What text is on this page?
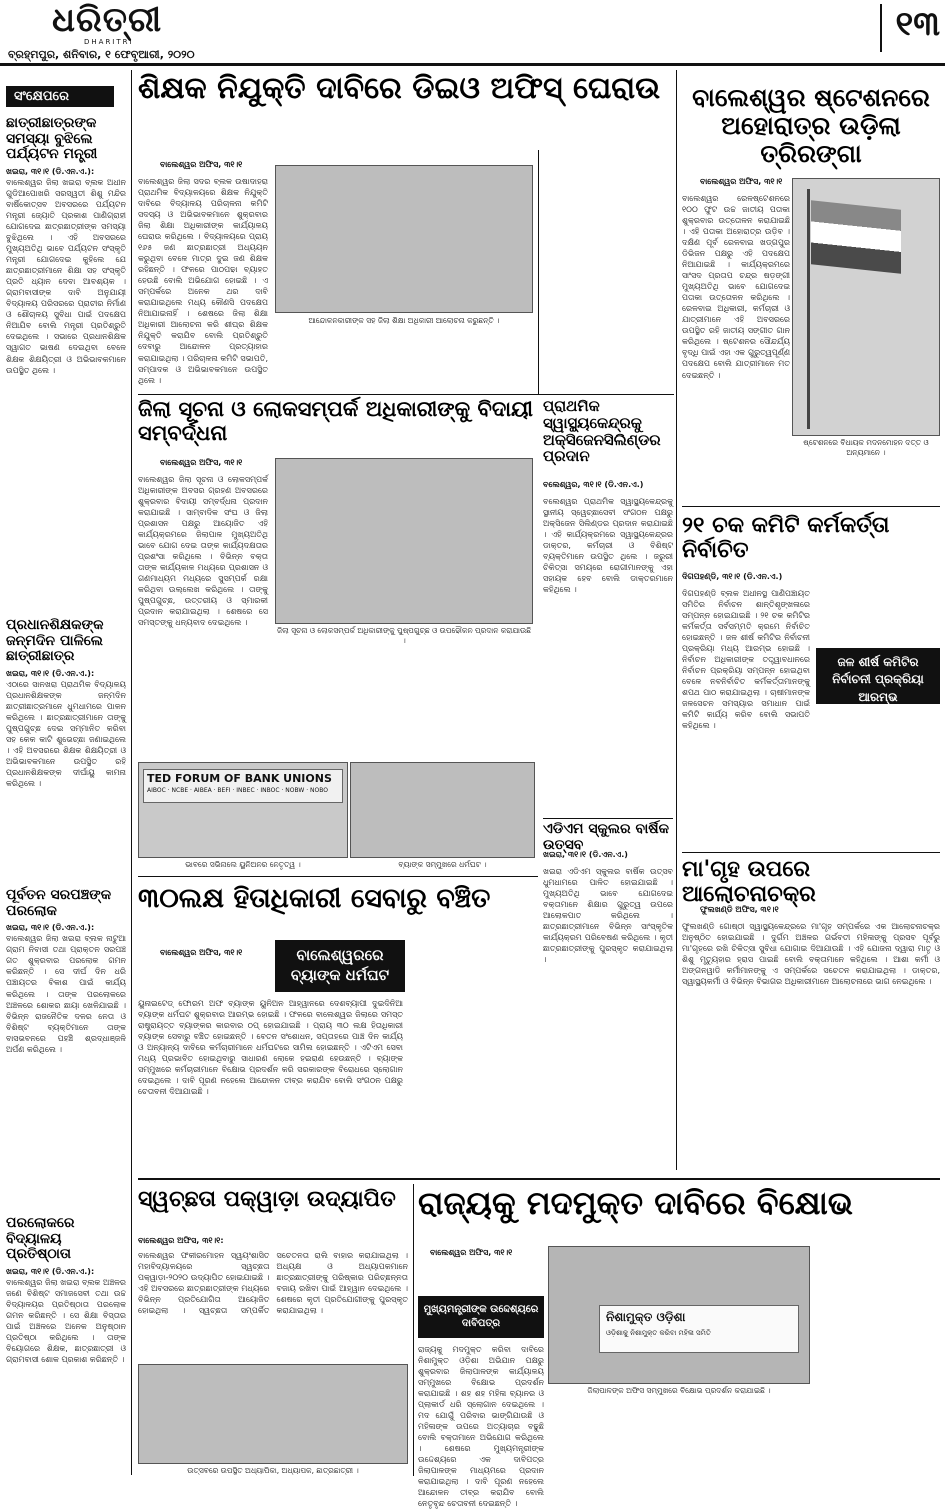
ଧରିତ୍ରୀ
DHARITRI
ବ୍ରହ୍ମପୁର, ଶନିବାର, ୧ ଫେବୃଆରୀ, ୨୦୨୦
୧୩
ସଂକ୍ଷେପରେ
ଛାତ୍ରୀଛାତ୍ରଙ୍କ ସମସ୍ୟା ବୁଝିଲେ ପର୍ଯ୍ୟଟନ ମନ୍ତ୍ରୀ
ଖଇରା, ୩୧।୧ (ଡି.ଏନ.ଏ.):
ବାଲେଶ୍ୱର ଜିଲା ଖଇରା ବ୍ଲକ ଅଧୀନ ଗୁଡିଆପୋଖରି ସରସ୍ୱତୀ ଶିଶୁ ମନ୍ଦିର ବାର୍ଷିକୋତ୍ସବ ଅବସରରେ ପର୍ଯ୍ୟଟନ ମନ୍ତ୍ରୀ ଜ୍ୟୋତି ପ୍ରକାଶ ପାଣିଗ୍ରାହୀ ଯୋଗଦେଇ ଛାତ୍ରଛାତ୍ରୀଙ୍କ ସମସ୍ୟା ବୁଝିଥିଲେ । ଏହି ଅବସରରେ ମୁଖ୍ୟଅତିଥି ଭାବେ ପର୍ଯ୍ୟଟନ ସଂସ୍କୃତି ମନ୍ତ୍ରୀ ଯୋଗଦେଇ କୁହିଲେ ଯେ ଛାତ୍ରଛାତ୍ରୀମାନେ ଶିକ୍ଷା ସହ ସଂସ୍କୃତି ପ୍ରତି ଧ୍ୟାନ ଦେବା ଆବଶ୍ୟକ । ଗ୍ରାମବାସୀଙ୍କ ଦାବି ଅନୁଯାୟୀ ବିଦ୍ୟାଳୟ ପରିସରରେ ପ୍ରାଚୀର ନିର୍ମାଣ ଓ ଶୌଚାଳୟ ସୁବିଧା ପାଇଁ ପଦକ୍ଷେପ ନିଆଯିବ ବୋଲି ମନ୍ତ୍ରୀ ପ୍ରତିଶ୍ରୁତି ଦେଇଥିଲେ । ସଭାରେ ପ୍ରଧାନଶିକ୍ଷକ ସ୍ୱାଗତ ଭାଷଣ ଦେଇଥିବା ବେଳେ ଶିକ୍ଷକ ଶିକ୍ଷୟିତ୍ରୀ ଓ ଅଭିଭାବକମାନେ ଉପସ୍ଥିତ ଥିଲେ ।
ପ୍ରଧାନଶିକ୍ଷକଙ୍କ ଜନ୍ମଦିନ ପାଳିଲେ ଛାତ୍ରୀଛାତ୍ର
ଖଇରା, ୩୧।୧ (ଡି.ଏନ.ଏ.):
ଏଠାରେ ସାନଖରା ପ୍ରାଥମିକ ବିଦ୍ୟାଳୟ ପ୍ରଧାନଶିକ୍ଷକଙ୍କ ଜନ୍ମଦିନ ଛାତ୍ରୀଛାତ୍ରମାନେ ଧୁମଧାମରେ ପାଳନ କରିଥିଲେ । ଛାତ୍ରଛାତ୍ରୀମାନେ ତାଙ୍କୁ ପୁଷ୍ପଗୁଚ୍ଛ ଦେଇ ସମ୍ମାନିତ କରିବା ସହ କେକ କାଟି ଶୁଭେଚ୍ଛା ଜଣାଇଥିଲେ । ଏହି ଅବସରରେ ଶିକ୍ଷକ ଶିକ୍ଷୟିତ୍ରୀ ଓ ଅଭିଭାବକମାନେ ଉପସ୍ଥିତ ରହି ପ୍ରଧାନଶିକ୍ଷକଙ୍କ ଦୀର୍ଘାୟୁ କାମନା କରିଥିଲେ ।
ପୂର୍ବତନ ସରପଞ୍ଚଙ୍କ ପରଲୋକ
ଖଇରା, ୩୧।୧ (ଡି.ଏନ.ଏ.):
ବାଲେଶ୍ୱର ଜିଲା ଖଇରା ବ୍ଲକ ନାଟୁଆ ଗ୍ରାମ ନିବାସୀ ତଥା ପ୍ରାକ୍ତନ ସରପଞ୍ଚ ଗତ ଶୁକ୍ରବାର ପରଲୋକ ଗମନ କରିଛନ୍ତି । ସେ ଦୀର୍ଘ ଦିନ ଧରି ପଞ୍ଚାୟତର ବିକାଶ ପାଇଁ କାର୍ଯ୍ୟ କରିଥିଲେ । ତାଙ୍କ ପରଲୋକରେ ଅଞ୍ଚଳରେ ଶୋକର ଛାୟା ଖେଳିଯାଇଛି । ବିଭିନ୍ନ ରାଜନୈତିକ ଦଳର ନେତା ଓ ବିଶିଷ୍ଟ ବ୍ୟକ୍ତିମାନେ ତାଙ୍କ ବାସଭବନରେ ପହଞ୍ଚି ଶ୍ରଦ୍ଧାଞ୍ଜଳି ଅର୍ପଣ କରିଥିଲେ ।
ପରଲୋକରେ ବିଦ୍ୟାଳୟ ପ୍ରତିଷ୍ଠାତା
ଖଇରା, ୩୧।୧ (ଡି.ଏନ.ଏ.):
ବାଲେଶ୍ୱର ଜିଲା ଖଇରା ବ୍ଲକ ଅଞ୍ଚଳର ଜଣେ ବିଶିଷ୍ଟ ସମାଜସେବୀ ତଥା ଉଚ୍ଚ ବିଦ୍ୟାଳୟର ପ୍ରତିଷ୍ଠାତା ପରଲୋକ ଗମନ କରିଛନ୍ତି । ସେ ଶିକ୍ଷା ବିସ୍ତାର ପାଇଁ ଅଞ୍ଚଳରେ ଅନେକ ଅନୁଷ୍ଠାନ ପ୍ରତିଷ୍ଠା କରିଥିଲେ । ତାଙ୍କ ବିୟୋଗରେ ଶିକ୍ଷକ, ଛାତ୍ରଛାତ୍ରୀ ଓ ଗ୍ରାମବାସୀ ଶୋକ ପ୍ରକାଶ କରିଛନ୍ତି ।
ଶିକ୍ଷକ ନିଯୁକ୍ତି ଦାବିରେ ଡିଇଓ ଅଫିସ୍ ଘେରାଉ
ବାଲେଶ୍ୱର ଅଫିସ, ୩୧।୧
ବାଲେଶ୍ୱର ଜିଲା ସଦର ବ୍ଲକ ଉଷାଦାହରା ପ୍ରାଥମିକ ବିଦ୍ୟାଳୟରେ ଶିକ୍ଷକ ନିଯୁକ୍ତି ଦାବିରେ ବିଦ୍ୟାଳୟ ପରିଚାଳନା କମିଟି ସଦସ୍ୟ ଓ ଅଭିଭାବକମାନେ ଶୁକ୍ରବାର ଜିଲା ଶିକ୍ଷା ଅଧିକାରୀଙ୍କ କାର୍ଯ୍ୟାଳୟ ଘେରାଉ କରିଥିଲେ । ବିଦ୍ୟାଳୟରେ ପ୍ରାୟ ୧୬୫ ଜଣ ଛାତ୍ରଛାତ୍ରୀ ଅଧ୍ୟୟନ କରୁଥିବା ବେଳେ ମାତ୍ର ଦୁଇ ଜଣ ଶିକ୍ଷକ ରହିଛନ୍ତି । ଫଳରେ ପାଠପଢା ବ୍ୟାହତ ହେଉଛି ବୋଲି ଅଭିଯୋଗ ହୋଇଛି । ଏ ସମ୍ପର୍କରେ ଅନେକ ଥର ଦାବି କରାଯାଇଥିଲେ ମଧ୍ୟ କୌଣସି ପଦକ୍ଷେପ ନିଆଯାଇନାହିଁ । ଶେଷରେ ଜିଲା ଶିକ୍ଷା ଅଧିକାରୀ ଆଲୋଚନା କରି ଶୀଘ୍ର ଶିକ୍ଷକ ନିଯୁକ୍ତି କରାଯିବ ବୋଲି ପ୍ରତିଶ୍ରୁତି ଦେବାରୁ ଆନ୍ଦୋଳନ ପ୍ରତ୍ୟାହାର କରାଯାଇଥିଲା । ପରିଚାଳନା କମିଟି ସଭାପତି, ସମ୍ପାଦକ ଓ ଅଭିଭାବକମାନେ ଉପସ୍ଥିତ ଥିଲେ ।
ଆନ୍ଦୋଳନକାରୀଙ୍କ ସହ ଜିଲା ଶିକ୍ଷା ଅଧିକାରୀ ଆଲୋଚନା କରୁଛନ୍ତି ।
ବାଲେଶ୍ୱର ଷ୍ଟେଶନରେ ଅହୋରାତ୍ର ଉଡ଼ିଲା ତ୍ରିରଙ୍ଗା
ବାଲେଶ୍ୱର ଅଫିସ, ୩୧।୧
ବାଲେଶ୍ୱର ରେଳଷ୍ଟେଶନରେ ୧୦୦ ଫୁଟ ଉଚ୍ଚ ଜାତୀୟ ପତାକା ଶୁକ୍ରବାର ଉତ୍ତୋଳନ କରାଯାଇଛି । ଏହି ପତାକା ଅହୋରାତ୍ର ଉଡ଼ିବ । ଦକ୍ଷିଣ ପୂର୍ବ ରେଳବାଇ ଖଡ୍ଗପୁର ଡିଭିଜନ ପକ୍ଷରୁ ଏହି ପଦକ୍ଷେପ ନିଆଯାଇଛି । କାର୍ଯ୍ୟକ୍ରମରେ ସାଂସଦ ପ୍ରତାପ ଚନ୍ଦ୍ର ଷଡ଼ଙ୍ଗୀ ମୁଖ୍ୟଅତିଥି ଭାବେ ଯୋଗଦେଇ ପତାକା ଉତ୍ତୋଳନ କରିଥିଲେ । ରେଳବାଇ ଅଧିକାରୀ, କର୍ମଚାରୀ ଓ ଯାତ୍ରୀମାନେ ଏହି ଅବସରରେ ଉପସ୍ଥିତ ରହି ଜାତୀୟ ସଙ୍ଗୀତ ଗାନ କରିଥିଲେ । ଷ୍ଟେଶନର ସୌନ୍ଦର୍ଯ୍ୟ ବୃଦ୍ଧି ପାଇଁ ଏହା ଏକ ଗୁରୁତ୍ୱପୂର୍ଣ୍ଣ ପଦକ୍ଷେପ ବୋଲି ଯାତ୍ରୀମାନେ ମତ ଦେଇଛନ୍ତି ।
ଷ୍ଟେଶନରେ ବିଧାୟକ ମଦନମୋହନ ଦତ୍ତ ଓ ଅନ୍ୟମାନେ ।
ଜିଲା ସୂଚନା ଓ ଲୋକସମ୍ପର୍କ ଅଧିକାରୀଙ୍କୁ ବିଦାୟୀ ସମ୍ବର୍ଦ୍ଧନା
ବାଲେଶ୍ୱର ଅଫିସ, ୩୧।୧
ବାଲେଶ୍ୱର ଜିଲା ସୂଚନା ଓ ଲୋକସମ୍ପର୍କ ଅଧିକାରୀଙ୍କ ଅବସର ଗ୍ରହଣ ଅବସରରେ ଶୁକ୍ରବାର ବିଦାୟୀ ସମ୍ବର୍ଦ୍ଧନା ପ୍ରଦାନ କରାଯାଇଛି । ସାମ୍ବାଦିକ ସଂଘ ଓ ଜିଲା ପ୍ରଶାସନ ପକ୍ଷରୁ ଆୟୋଜିତ ଏହି କାର୍ଯ୍ୟକ୍ରମରେ ଜିଲାପାଳ ମୁଖ୍ୟଅତିଥି ଭାବେ ଯୋଗ ଦେଇ ତାଙ୍କ କାର୍ଯ୍ୟଦକ୍ଷତାର ପ୍ରଶଂସା କରିଥିଲେ । ବିଭିନ୍ନ ବକ୍ତା ତାଙ୍କ କାର୍ଯ୍ୟକାଳ ମଧ୍ୟରେ ପ୍ରଶାସନ ଓ ଗଣମାଧ୍ୟମ ମଧ୍ୟରେ ସୁସମ୍ପର୍କ ରକ୍ଷା କରିଥିବା ଉଲ୍ଲେଖ କରିଥିଲେ । ତାଙ୍କୁ ପୁଷ୍ପଗୁଚ୍ଛ, ଉତ୍ତରୀୟ ଓ ସ୍ମାରକୀ ପ୍ରଦାନ କରାଯାଇଥିଲା । ଶେଷରେ ସେ ସମସ୍ତଙ୍କୁ ଧନ୍ୟବାଦ ଦେଇଥିଲେ ।
ଜିଲା ସୂଚନା ଓ ଲୋକସମ୍ପର୍କ ଅଧିକାରୀଙ୍କୁ ପୁଷ୍ପଗୁଚ୍ଛ ଓ ଉପଢୌକନ ପ୍ରଦାନ କରାଯାଉଛି ।
ପ୍ରାଥମିକ ସ୍ୱାସ୍ଥ୍ୟକେନ୍ଦ୍ରକୁ ଅକ୍ସିଜେନସିଲିଣ୍ଡର ପ୍ରଦାନ
ବଲେଶ୍ୱର, ୩୧।୧ (ଡି.ଏନ.ଏ.)
ବଲେଶ୍ୱର ପ୍ରାଥମିକ ସ୍ୱାସ୍ଥ୍ୟକେନ୍ଦ୍ରକୁ ସ୍ଥାନୀୟ ସ୍ୱେଚ୍ଛାସେବୀ ସଂଗଠନ ପକ୍ଷରୁ ଅକ୍ସିଜେନ ସିଲିଣ୍ଡର ପ୍ରଦାନ କରାଯାଇଛି । ଏହି କାର୍ଯ୍ୟକ୍ରମରେ ସ୍ୱାସ୍ଥ୍ୟକେନ୍ଦ୍ରର ଡାକ୍ତର, କର୍ମଚାରୀ ଓ ବିଶିଷ୍ଟ ବ୍ୟକ୍ତିମାନେ ଉପସ୍ଥିତ ଥିଲେ । ଜରୁରୀ ଚିକିତ୍ସା ସମୟରେ ରୋଗୀମାନଙ୍କୁ ଏହା ସହାୟକ ହେବ ବୋଲି ଡାକ୍ତରମାନେ କହିଥିଲେ ।
ଏଡିଏମ ସ୍କୁଲର ବାର୍ଷିକ ଉତ୍ସବ
ଖଇରା, ୩୧।୧ (ଡି.ଏନ.ଏ.)
ଖଇରା ଏଡିଏମ ସ୍କୁଲର ବାର୍ଷିକ ଉତ୍ସବ ଧୁମଧାମରେ ପାଳିତ ହୋଇଯାଇଛି । ମୁଖ୍ୟଅତିଥି ଭାବେ ଯୋଗଦେଇ ବକ୍ତାମାନେ ଶିକ୍ଷାର ଗୁରୁତ୍ୱ ଉପରେ ଆଲୋକପାତ କରିଥିଲେ । ଛାତ୍ରଛାତ୍ରୀମାନେ ବିଭିନ୍ନ ସାଂସ୍କୃତିକ କାର୍ଯ୍ୟକ୍ରମ ପରିବେଷଣ କରିଥିଲେ । କୃତୀ ଛାତ୍ରଛାତ୍ରୀଙ୍କୁ ପୁରସ୍କୃତ କରାଯାଇଥିଲା ।
TED FORUM OF BANK UNIONS
AIBOC · NCBE · AIBEA · BEFI · INBEC · INBOC · NOBW · NOBO
ଭାବରେ ସଭିନାଲେ ୟୁନିଅନର ନେତୃତ୍ୱ ।	ବ୍ୟାଙ୍କ ସମ୍ମୁଖରେ ଧର୍ମଘଟ ।
୩୦ଲକ୍ଷ ହିତାଧିକାରୀ ସେବାରୁ ବଞ୍ଚିତ
ବାଲେଶ୍ୱରରେ ବ୍ୟାଙ୍କ ଧର୍ମଘଟ
ବାଲେଶ୍ୱର ଅଫିସ, ୩୧।୧
ୟୁନାଇଟେଡ୍ ଫୋରମ ଅଫ ବ୍ୟାଙ୍କ ୟୁନିଅନ ଆହ୍ୱାନରେ ଦେଶବ୍ୟାପୀ ଦୁଇଦିନିଆ ବ୍ୟାଙ୍କ ଧର୍ମଘଟ ଶୁକ୍ରବାର ଆରମ୍ଭ ହୋଇଛି । ଫଳରେ ବାଲେଶ୍ୱର ଜିଲାରେ ସମସ୍ତ ରାଷ୍ଟ୍ରାୟତ୍ତ ବ୍ୟାଙ୍କର କାରବାର ଠପ୍ ହୋଇଯାଇଛି । ପ୍ରାୟ ୩୦ ଲକ୍ଷ ହିତାଧିକାରୀ ବ୍ୟାଙ୍କ ସେବାରୁ ବଞ୍ଚିତ ହୋଇଛନ୍ତି । ବେତନ ସଂଶୋଧନ, ସପ୍ତାହରେ ପାଞ୍ଚ ଦିନ କାର୍ଯ୍ୟ ଓ ଅନ୍ୟାନ୍ୟ ଦାବିରେ କର୍ମଚାରୀମାନେ ଧର୍ମଘଟରେ ସାମିଲ ହୋଇଛନ୍ତି । ଏଟିଏମ ସେବା ମଧ୍ୟ ପ୍ରଭାବିତ ହୋଇଥିବାରୁ ସାଧାରଣ ଲୋକେ ହଇରାଣ ହେଉଛନ୍ତି । ବ୍ୟାଙ୍କ ସମ୍ମୁଖରେ କର୍ମଚାରୀମାନେ ବିକ୍ଷୋଭ ପ୍ରଦର୍ଶନ କରି ସରକାରଙ୍କ ବିରୋଧରେ ସ୍ଲୋଗାନ ଦେଇଥିଲେ । ଦାବି ପୂରଣ ନହେଲେ ଆନ୍ଦୋଳନ ତୀବ୍ର କରାଯିବ ବୋଲି ସଂଗଠନ ପକ୍ଷରୁ ଚେତାବନୀ ଦିଆଯାଇଛି ।
୨୧ ଚକ କମିଟି କର୍ମକର୍ତ୍ତା ନିର୍ବାଚିତ
ଦିଗପହଣ୍ଡି, ୩୧।୧ (ଡି.ଏନ.ଏ.)
ଦିଗପହଣ୍ଡି ବ୍ଲକ ଅଧୀନସ୍ଥ ପାଣିପଞ୍ଚାୟତ ସମିତିର ନିର୍ବାଚନ ଶାନ୍ତିଶୃଙ୍ଖଳାରେ ସମ୍ପନ୍ନ ହୋଇଯାଇଛି । ୨୧ ଚକ କମିଟିର କର୍ମକର୍ତ୍ତା ସର୍ବସମ୍ମତି କ୍ରମେ ନିର୍ବାଚିତ ହୋଇଛନ୍ତି । ଜଳ ଶୀର୍ଷ କମିଟିର ନିର୍ବାଚନୀ ପ୍ରକ୍ରିୟା ମଧ୍ୟ ଆରମ୍ଭ ହୋଇଛି । ନିର୍ବାଚନ ଅଧିକାରୀଙ୍କ ତତ୍ତ୍ୱାବଧାନରେ ନିର୍ବାଚନ ପ୍ରକ୍ରିୟା ସମ୍ପନ୍ନ ହୋଇଥିବା ବେଳେ ନବନିର୍ବାଚିତ କର୍ମକର୍ତ୍ତାମାନଙ୍କୁ ଶପଥ ପାଠ କରାଯାଇଥିଲା । ଚାଷୀମାନଙ୍କ ଜଳସେଚନ ସମସ୍ୟାର ସମାଧାନ ପାଇଁ କମିଟି କାର୍ଯ୍ୟ କରିବ ବୋଲି ସଭାପତି କହିଥିଲେ ।
ଜଳ ଶୀର୍ଷ କମିଟିର ନିର୍ବାଚନୀ ପ୍ରକ୍ରିୟା ଆରମ୍ଭ
ମା'ଗୃହ ଉପରେ ଆଲୋଚନାଚକ୍ର
ଫୁଲଖଣ୍ଡି ଅଫିସ, ୩୧।୧
ଫୁଲଖଣ୍ଡି ଗୋଷ୍ଠୀ ସ୍ୱାସ୍ଥ୍ୟକେନ୍ଦ୍ରରେ ମା'ଗୃହ ସମ୍ପର୍କରେ ଏକ ଆଲୋଚନାଚକ୍ର ଅନୁଷ୍ଠିତ ହୋଇଯାଇଛି । ଦୁର୍ଗମ ଅଞ୍ଚଳର ଗର୍ଭବତୀ ମହିଳାଙ୍କୁ ପ୍ରସବ ପୂର୍ବରୁ ମା'ଗୃହରେ ରଖି ଚିକିତ୍ସା ସୁବିଧା ଯୋଗାଇ ଦିଆଯାଉଛି । ଏହି ଯୋଜନା ଦ୍ୱାରା ମାତୃ ଓ ଶିଶୁ ମୃତ୍ୟୁହାର ହ୍ରାସ ପାଇଛି ବୋଲି ବକ୍ତାମାନେ କହିଥିଲେ । ଆଶା କର୍ମୀ ଓ ଅଙ୍ଗନୱାଡି କର୍ମୀମାନଙ୍କୁ ଏ ସମ୍ପର୍କରେ ସଚେତନ କରାଯାଇଥିଲା । ଡାକ୍ତର, ସ୍ୱାସ୍ଥ୍ୟକର୍ମୀ ଓ ବିଭିନ୍ନ ବିଭାଗର ଅଧିକାରୀମାନେ ଆଲୋଚନାରେ ଭାଗ ନେଇଥିଲେ ।
ସ୍ୱଚ୍ଛତା ପକ୍ୱାଡ଼ା ଉଦ୍ୟାପିତ
ବାଲେଶ୍ୱର ଅଫିସ, ୩୧।୧:
ବାଲେଶ୍ୱର ଫକୀରମୋହନ ସ୍ୱୟଂଶାସିତ ମହାବିଦ୍ୟାଳୟରେ ସ୍ୱଚ୍ଛତା ପକ୍ୱାଡ଼ା-୨୦୨୦ ଉଦ୍ୟାପିତ ହୋଇଯାଇଛି । ଏହି ଅବସରରେ ଛାତ୍ରଛାତ୍ରୀଙ୍କ ମଧ୍ୟରେ ବିଭିନ୍ନ ପ୍ରତିଯୋଗିତା ଆୟୋଜିତ ହୋଇଥିଲା । ସ୍ୱଚ୍ଛତା ସମ୍ପର୍କିତ ସଚେତନତା ରାଲି ବାହାର କରାଯାଇଥିଲା । ଅଧ୍ୟକ୍ଷ ଓ ଅଧ୍ୟାପକମାନେ ଛାତ୍ରଛାତ୍ରୀଙ୍କୁ ପରିଷ୍କାର ପରିଚ୍ଛନ୍ନତା ବଜାୟ ରଖିବା ପାଇଁ ଆହ୍ୱାନ ଦେଇଥିଲେ । ଶେଷରେ କୃତୀ ପ୍ରତିଯୋଗୀଙ୍କୁ ପୁରସ୍କୃତ କରାଯାଇଥିଲା ।
ଉତ୍ସବରେ ଉପସ୍ଥିତ ଅଧ୍ୟାପିକା, ଅଧ୍ୟାପକ, ଛାତ୍ରଛାତ୍ରୀ ।
ରାଜ୍ୟକୁ ମଦମୁକ୍ତ ଦାବିରେ ବିକ୍ଷୋଭ
ବାଲେଶ୍ୱର ଅଫିସ, ୩୧।୧
ମୁଖ୍ୟମନ୍ତ୍ରୀଙ୍କ ଉଦ୍ଦେଶ୍ୟରେ ଦାବିପତ୍ର	ନିଶାମୁକ୍ତ ଓଡ଼ିଶା
ଓଡ଼ିଶାକୁ ନିଶାମୁକ୍ତ କରିବା ମହିଳା ସମିତି
ଜିଲାପାଳଙ୍କ ଅଫିସ ସମ୍ମୁଖରେ ବିକ୍ଷୋଭ ପ୍ରଦର୍ଶନ କରାଯାଇଛି ।
ରାଜ୍ୟକୁ ମଦମୁକ୍ତ କରିବା ଦାବିରେ ନିଶାମୁକ୍ତ ଓଡ଼ିଶା ଅଭିଯାନ ପକ୍ଷରୁ ଶୁକ୍ରବାର ଜିଲାପାଳଙ୍କ କାର୍ଯ୍ୟାଳୟ ସମ୍ମୁଖରେ ବିକ୍ଷୋଭ ପ୍ରଦର୍ଶନ କରାଯାଇଛି । ଶହ ଶହ ମହିଳା ବ୍ୟାନର ଓ ପ୍ଲାକାର୍ଡ ଧରି ସ୍ଲୋଗାନ ଦେଇଥିଲେ । ମଦ ଯୋଗୁଁ ପରିବାର ଭାଙ୍ଗିଯାଉଛି ଓ ମହିଳାଙ୍କ ଉପରେ ଅତ୍ୟାଚାର ବଢୁଛି ବୋଲି ବକ୍ତାମାନେ ଅଭିଯୋଗ କରିଥିଲେ । ଶେଷରେ ମୁଖ୍ୟମନ୍ତ୍ରୀଙ୍କ ଉଦ୍ଦେଶ୍ୟରେ ଏକ ଦାବିପତ୍ର ଜିଲାପାଳଙ୍କ ମାଧ୍ୟମରେ ପ୍ରଦାନ କରାଯାଇଥିଲା । ଦାବି ପୂରଣ ନହେଲେ ଆନ୍ଦୋଳନ ତୀବ୍ର କରାଯିବ ବୋଲି ନେତୃବୃନ୍ଦ ଚେତାବନୀ ଦେଇଛନ୍ତି ।
